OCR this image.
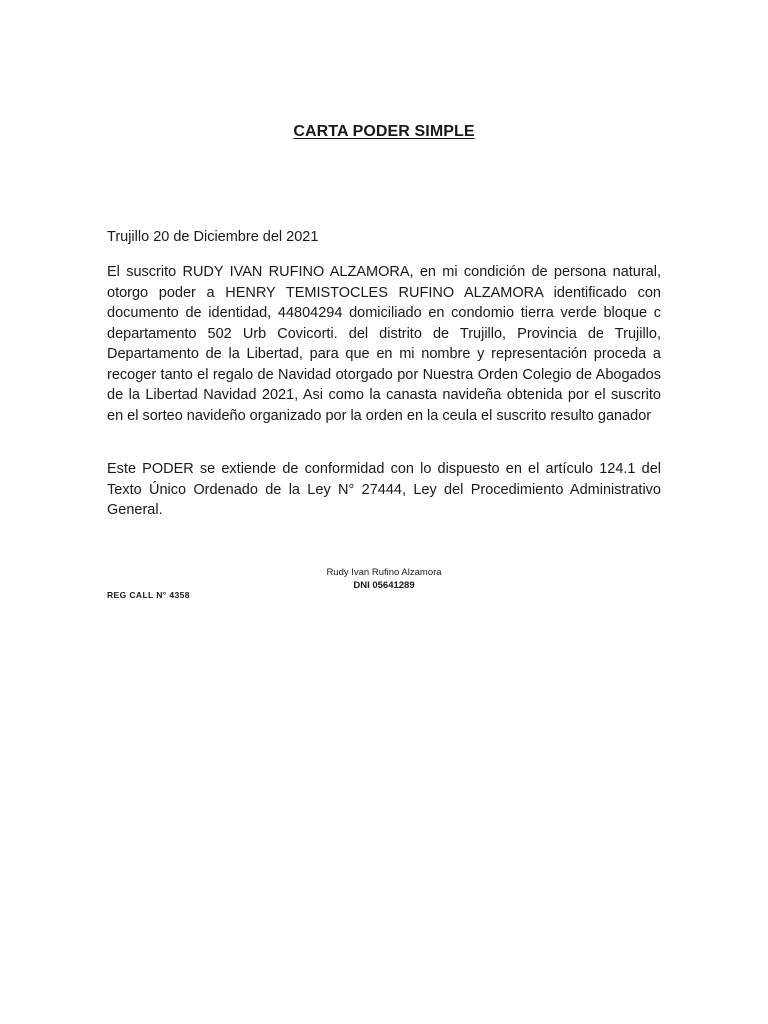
CARTA PODER SIMPLE
Trujillo 20 de Diciembre del 2021

El suscrito RUDY IVAN RUFINO ALZAMORA, en mi condición de persona natural, otorgo poder a HENRY TEMISTOCLES RUFINO ALZAMORA identificado con documento de identidad, 44804294 domiciliado en condomio tierra verde bloque c departamento 502 Urb Covicorti. del distrito de Trujillo, Provincia de Trujillo, Departamento de la Libertad, para que en mi nombre y representación proceda a recoger tanto el regalo de Navidad otorgado por Nuestra Orden Colegio de Abogados de la Libertad Navidad 2021, Asi como la canasta navideña obtenida por el suscrito en el sorteo navideño organizado por la orden en la ceula el suscrito resulto ganador

Este PODER se extiende de conformidad con lo dispuesto en el artículo 124.1 del Texto Único Ordenado de la Ley N° 27444, Ley del Procedimiento Administrativo General.

Rudy Ivan Rufino Alzamora
DNI 05641289
REG CALL N° 4358
